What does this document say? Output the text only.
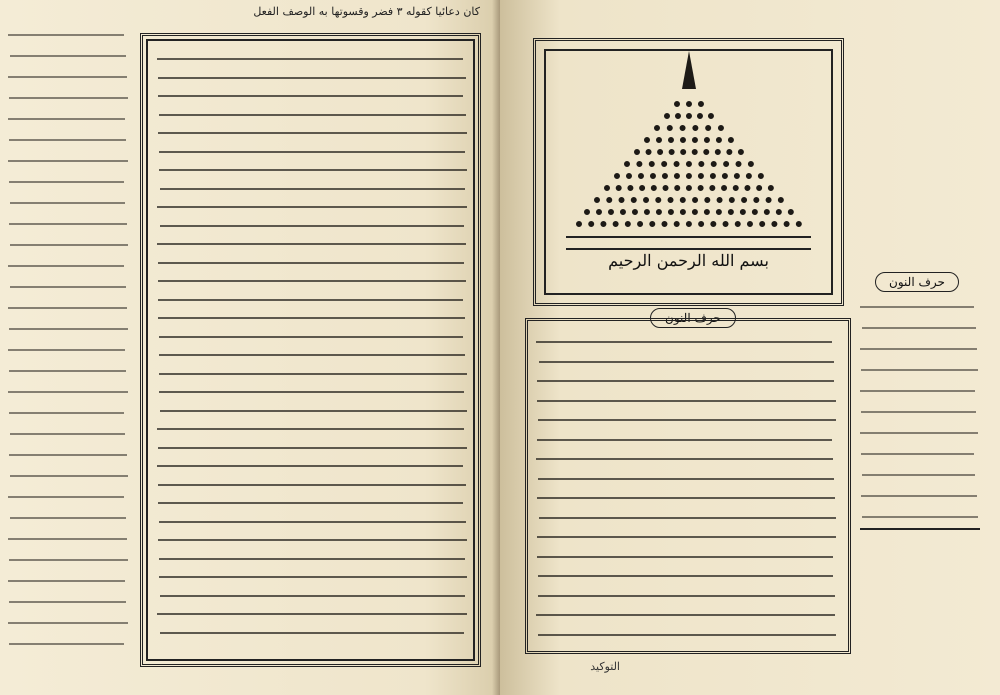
ﻛﺎﻥ ﺩﻋﺎﺋﻴﺎ ﻛﻘﻮﻟﻪ ٣ ﻓﻀﺮ ﻭﻗﺴﻮﺗﻬﺎ ﺑﻪ ﺍﻟﻮﺻﻒ ﺍﻟﻔﻌﻞ
ﺑﺴﻢ ﺍﻟﻠﻪ ﺍﻟﺮﺣﻤﻦ ﺍﻟﺮﺣﻴﻢ
ﺣﺮﻑ ﺍﻟﻨﻮﻥ
ﺣﺮﻑ ﺍﻟﻨﻮﻥ
ﺍﻟﺘﻮﻛﻴﺪ
